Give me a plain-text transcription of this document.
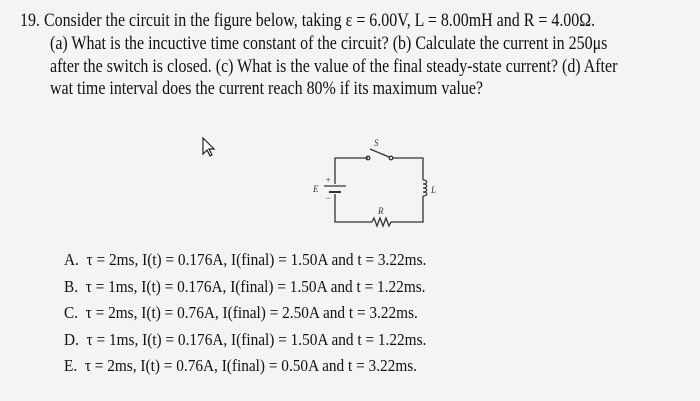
19. Consider the circuit in the figure below, taking ε = 6.00V, L = 8.00mH and R = 4.00Ω.
(a) What is the incuctive time constant of the circuit? (b) Calculate the current in 250μs
after the switch is closed. (c) What is the value of the final steady-state current? (d) After
wat time interval does the current reach 80% if its maximum value?
S
E
+
−
L
R
A. τ = 2ms, I(t) = 0.176A, I(final) = 1.50A and t = 3.22ms.
B. τ = 1ms, I(t) = 0.176A, I(final) = 1.50A and t = 1.22ms.
C. τ = 2ms, I(t) = 0.76A, I(final) = 2.50A and t = 3.22ms.
D. τ = 1ms, I(t) = 0.176A, I(final) = 1.50A and t = 1.22ms.
E. τ = 2ms, I(t) = 0.76A, I(final) = 0.50A and t = 3.22ms.
